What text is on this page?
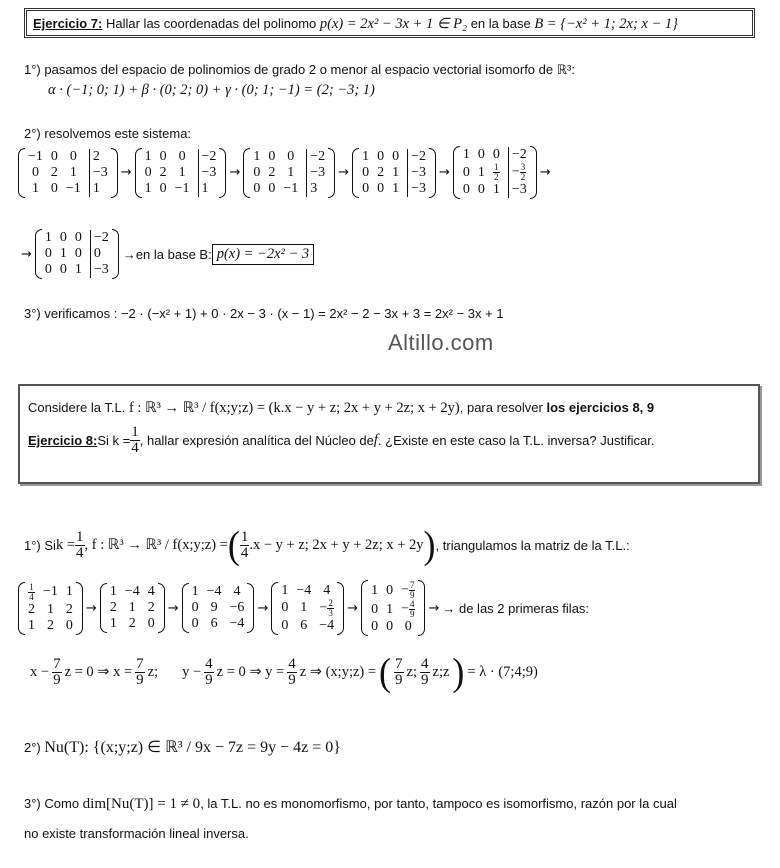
Ejercicio 7: Hallar las coordenadas del polinomo p(x) = 2x² − 3x + 1 ∈ P₂ en la base B = {−x² + 1; 2x; x − 1}
1°) pasamos del espacio de polinomios de grado 2 o menor al espacio vectorial isomorfo de ℝ³:
α · (−1; 0; 1) + β · (0; 2; 0) + γ · (0; 1; −1) = (2; −3; 1)
2°) resolvemos este sistema:
−1 0 0 2
0 2 1 −3
1 0 −1 1
→
1 0 0 −2
0 2 1 −3
1 0 −1 1
→
1 0 0 −2
0 2 1 −3
0 0 −1 3
→
1 0 0 −2
0 2 1 −3
0 0 1 −3
→
1 0 0 −2
0 $1 \frac{1}{2} - \frac{3}{2}$
0 0 1 −3
→
→
1 0 0 −2
0 1 0 0
0 0 1 −3
→en la base B: p(x) = −2x² − 3
3°) verificamos : −2 · (−x² + 1) + 0 · 2x − 3 · (x − 1) = 2x² − 2 − 3x + 3 = 2x² − 3x + 1
Altillo.com
Considere la T.L. f : ℝ³ → ℝ³ / f(x;y;z) = (k.x − y + z; 2x + y + 2z; x + 2y), para resolver los ejercicios 8, 9
Ejercicio 8: Si $k = \frac{1}{4}$ , hallar expresión analítica del Núcleo de f . ¿Existe en este caso la T.L. inversa? Justificar.
1°) Si $k = \frac{1}{4}$ , f : ℝ³ → ℝ³ / f(x;y;z) = ( $\frac{1}{4} .x - y + z$; 2x + y + 2z; x + 2y ) , triangulamos la matriz de la T.L.:
$\frac{1}{4} -1$ 1
2 1 2
1 2 0
→
1 −4 4
2 1 2
1 2 0
→
1 −4 4
0 9 −6
0 6 −4
→
1 −4 4
0 $1 - \frac{2}{3}$
0 6 −4
→
1 $0 - \frac{7}{9}$
0 $1 - \frac{4}{9}$
0 0 0
→ → de las 2 primeras filas:
$x - \frac{7}{9}$ z = 0 ⇒ $x = \frac{7}{9} z$; $y - \frac{4}{9}$ z = 0 ⇒ $y = \frac{4}{9}$ z ⇒ (x;y;z) = ( $\frac{7}{9} z$; $\frac{4}{9}$ z;z ) = λ · (7;4;9)
2°) Nu(T): {(x;y;z) ∈ ℝ³ / 9x − 7z = 9y − 4z = 0}
3°) Como dim[Nu(T)] = 1 ≠ 0, la T.L. no es monomorfismo, por tanto, tampoco es isomorfismo, razón por la cual
no existe transformación lineal inversa.
